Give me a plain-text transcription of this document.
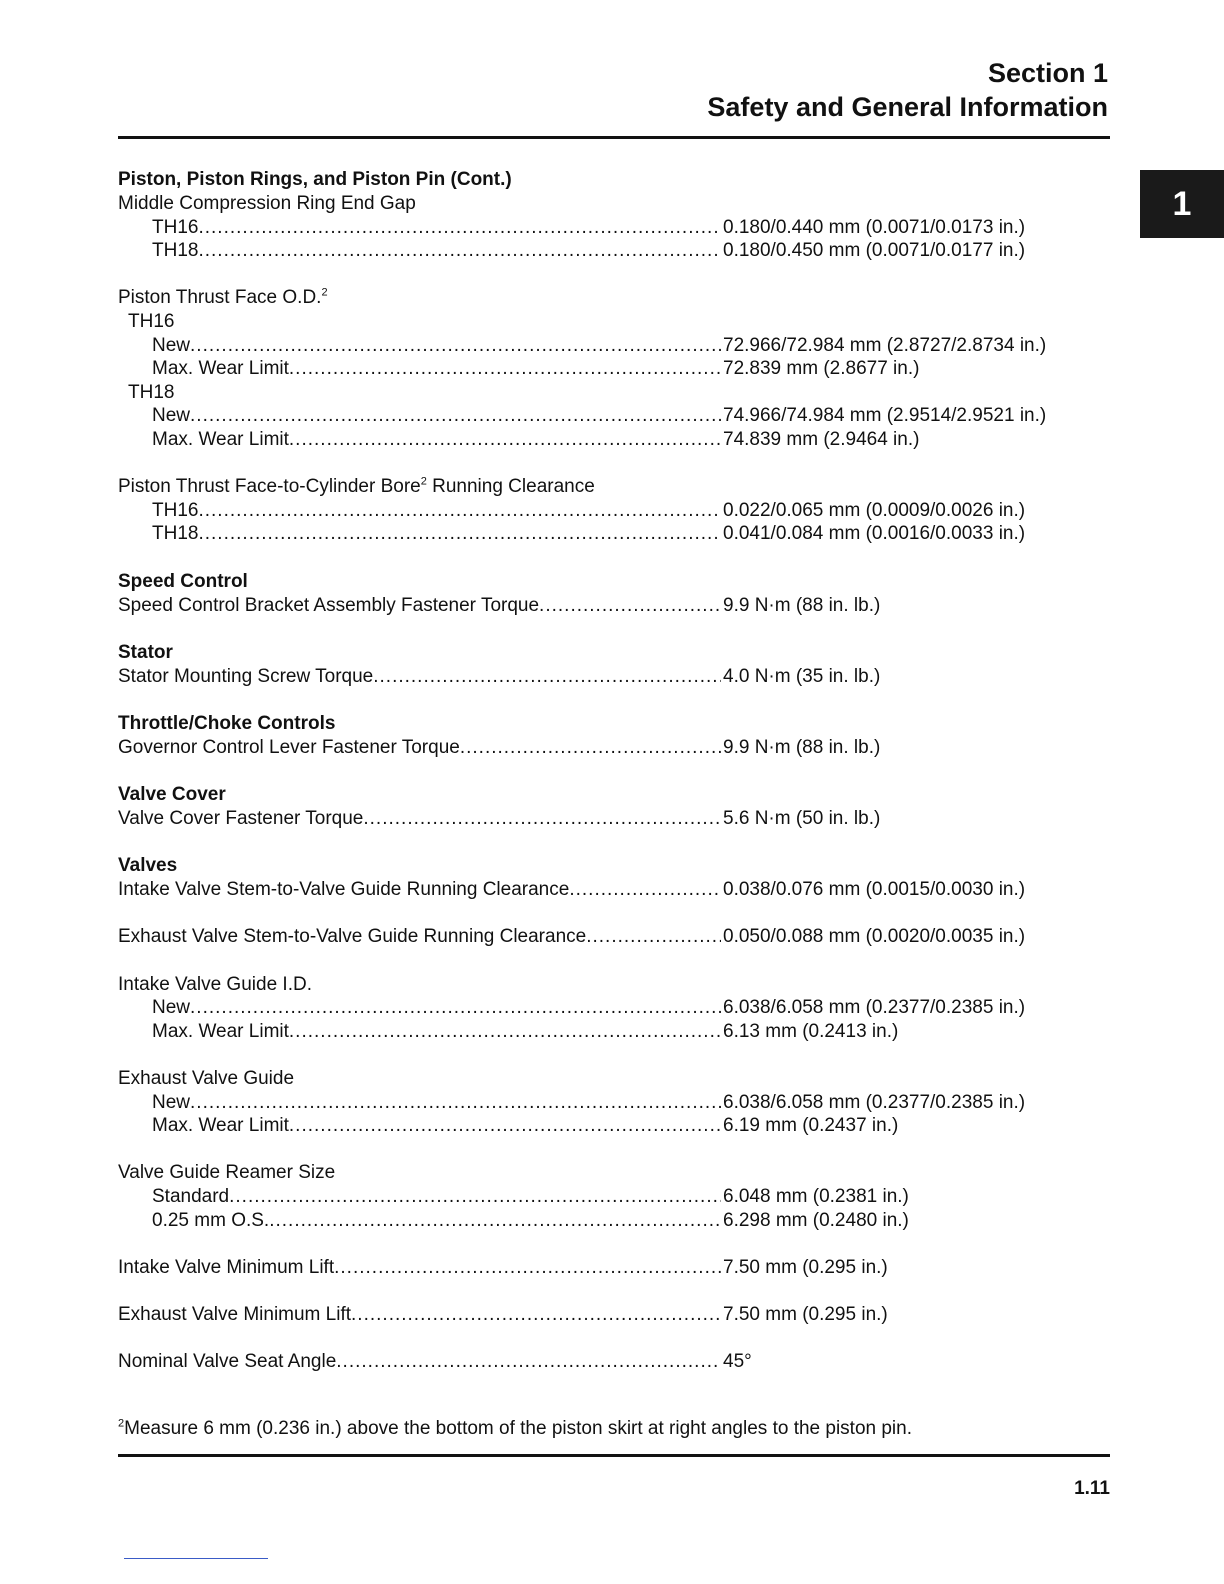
Section 1
Safety and General Information
1
Piston, Piston Rings, and Piston Pin (Cont.)
Middle Compression Ring End Gap
TH16 .....	0.180/0.440 mm (0.0071/0.0173 in.)
TH18 .....	0.180/0.450 mm (0.0071/0.0177 in.)
Piston Thrust Face O.D.$^2$
TH16
New .....	72.966/72.984 mm (2.8727/2.8734 in.)
Max. Wear Limit .....	72.839 mm (2.8677 in.)
TH18
New .....	74.966/74.984 mm (2.9514/2.9521 in.)
Max. Wear Limit .....	74.839 mm (2.9464 in.)
Piston Thrust Face-to-Cylinder Bore$^2$ Running Clearance
TH16 .....	0.022/0.065 mm (0.0009/0.0026 in.)
TH18 .....	0.041/0.084 mm (0.0016/0.0033 in.)
Speed Control
Speed Control Bracket Assembly Fastener Torque .....	9.9 N·m (88 in. lb.)
Stator
Stator Mounting Screw Torque .....	4.0 N·m (35 in. lb.)
Throttle/Choke Controls
Governor Control Lever Fastener Torque .....	9.9 N·m (88 in. lb.)
Valve Cover
Valve Cover Fastener Torque .....	5.6 N·m (50 in. lb.)
Valves
Intake Valve Stem-to-Valve Guide Running Clearance .....	0.038/0.076 mm (0.0015/0.0030 in.)
Exhaust Valve Stem-to-Valve Guide Running Clearance .....	0.050/0.088 mm (0.0020/0.0035 in.)
Intake Valve Guide I.D.
New .....	6.038/6.058 mm (0.2377/0.2385 in.)
Max. Wear Limit .....	6.13 mm (0.2413 in.)
Exhaust Valve Guide
New .....	6.038/6.058 mm (0.2377/0.2385 in.)
Max. Wear Limit .....	6.19 mm (0.2437 in.)
Valve Guide Reamer Size
Standard .....	6.048 mm (0.2381 in.)
0.25 mm O.S. .....	6.298 mm (0.2480 in.)
Intake Valve Minimum Lift .....	7.50 mm (0.295 in.)
Exhaust Valve Minimum Lift .....	7.50 mm (0.295 in.)
Nominal Valve Seat Angle .....	45°
$^2$Measure 6 mm (0.236 in.) above the bottom of the piston skirt at right angles to the piston pin.
1.11
